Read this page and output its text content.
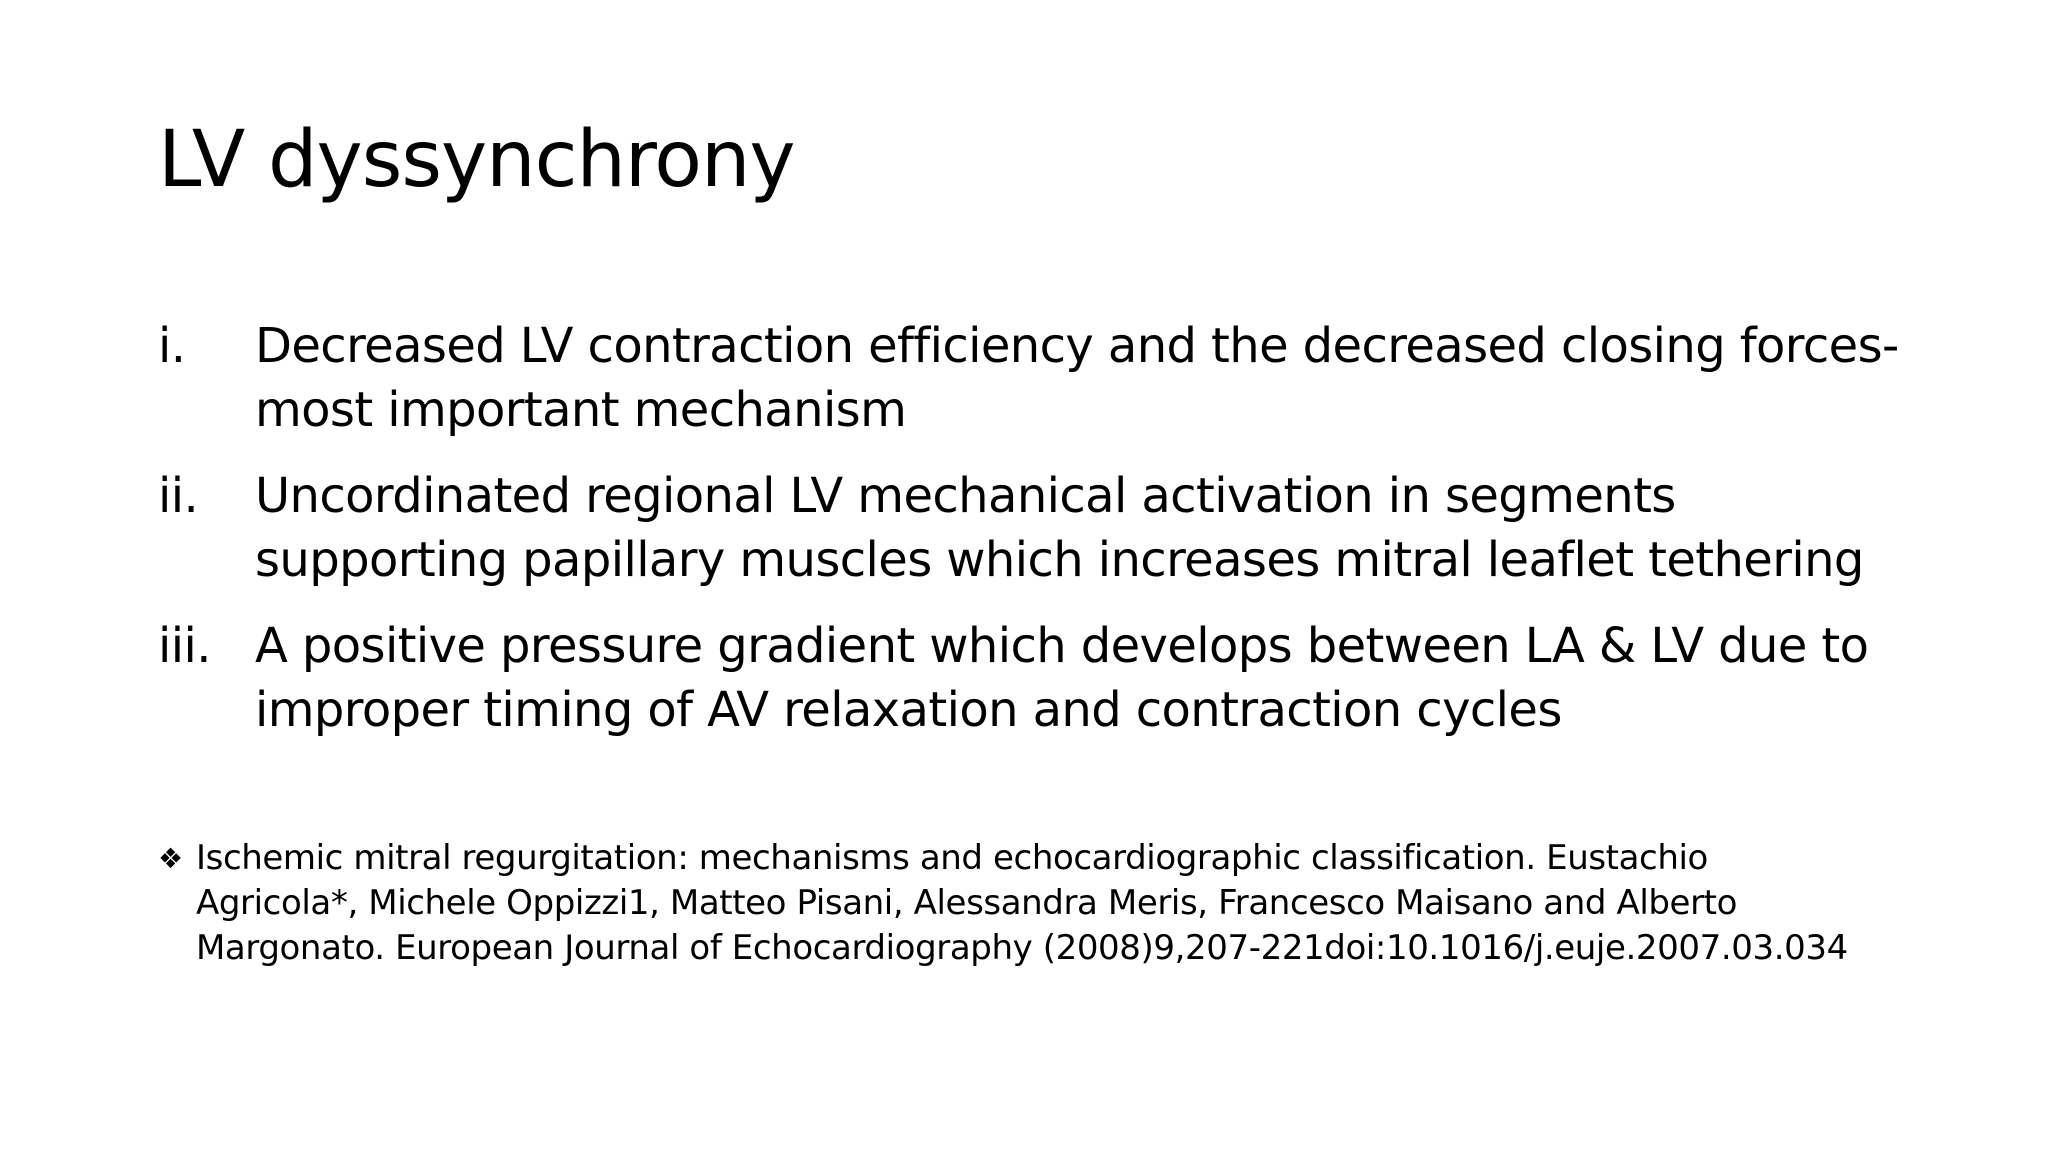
LV dyssynchrony
i.	Decreased LV contraction efficiency and the decreased closing forces- most important mechanism
ii.	Uncordinated regional LV mechanical activation in segments supporting papillary muscles which increases mitral leaflet tethering
iii. A positive pressure gradient which develops between LA & LV due to improper timing of AV relaxation and contraction cycles
❖ Ischemic mitral regurgitation: mechanisms and echocardiographic classification. Eustachio Agricola*, Michele Oppizzi1, Matteo Pisani, Alessandra Meris, Francesco Maisano and Alberto Margonato. European Journal of Echocardiography (2008)9,207-221doi:10.1016/j.euje.2007.03.034
